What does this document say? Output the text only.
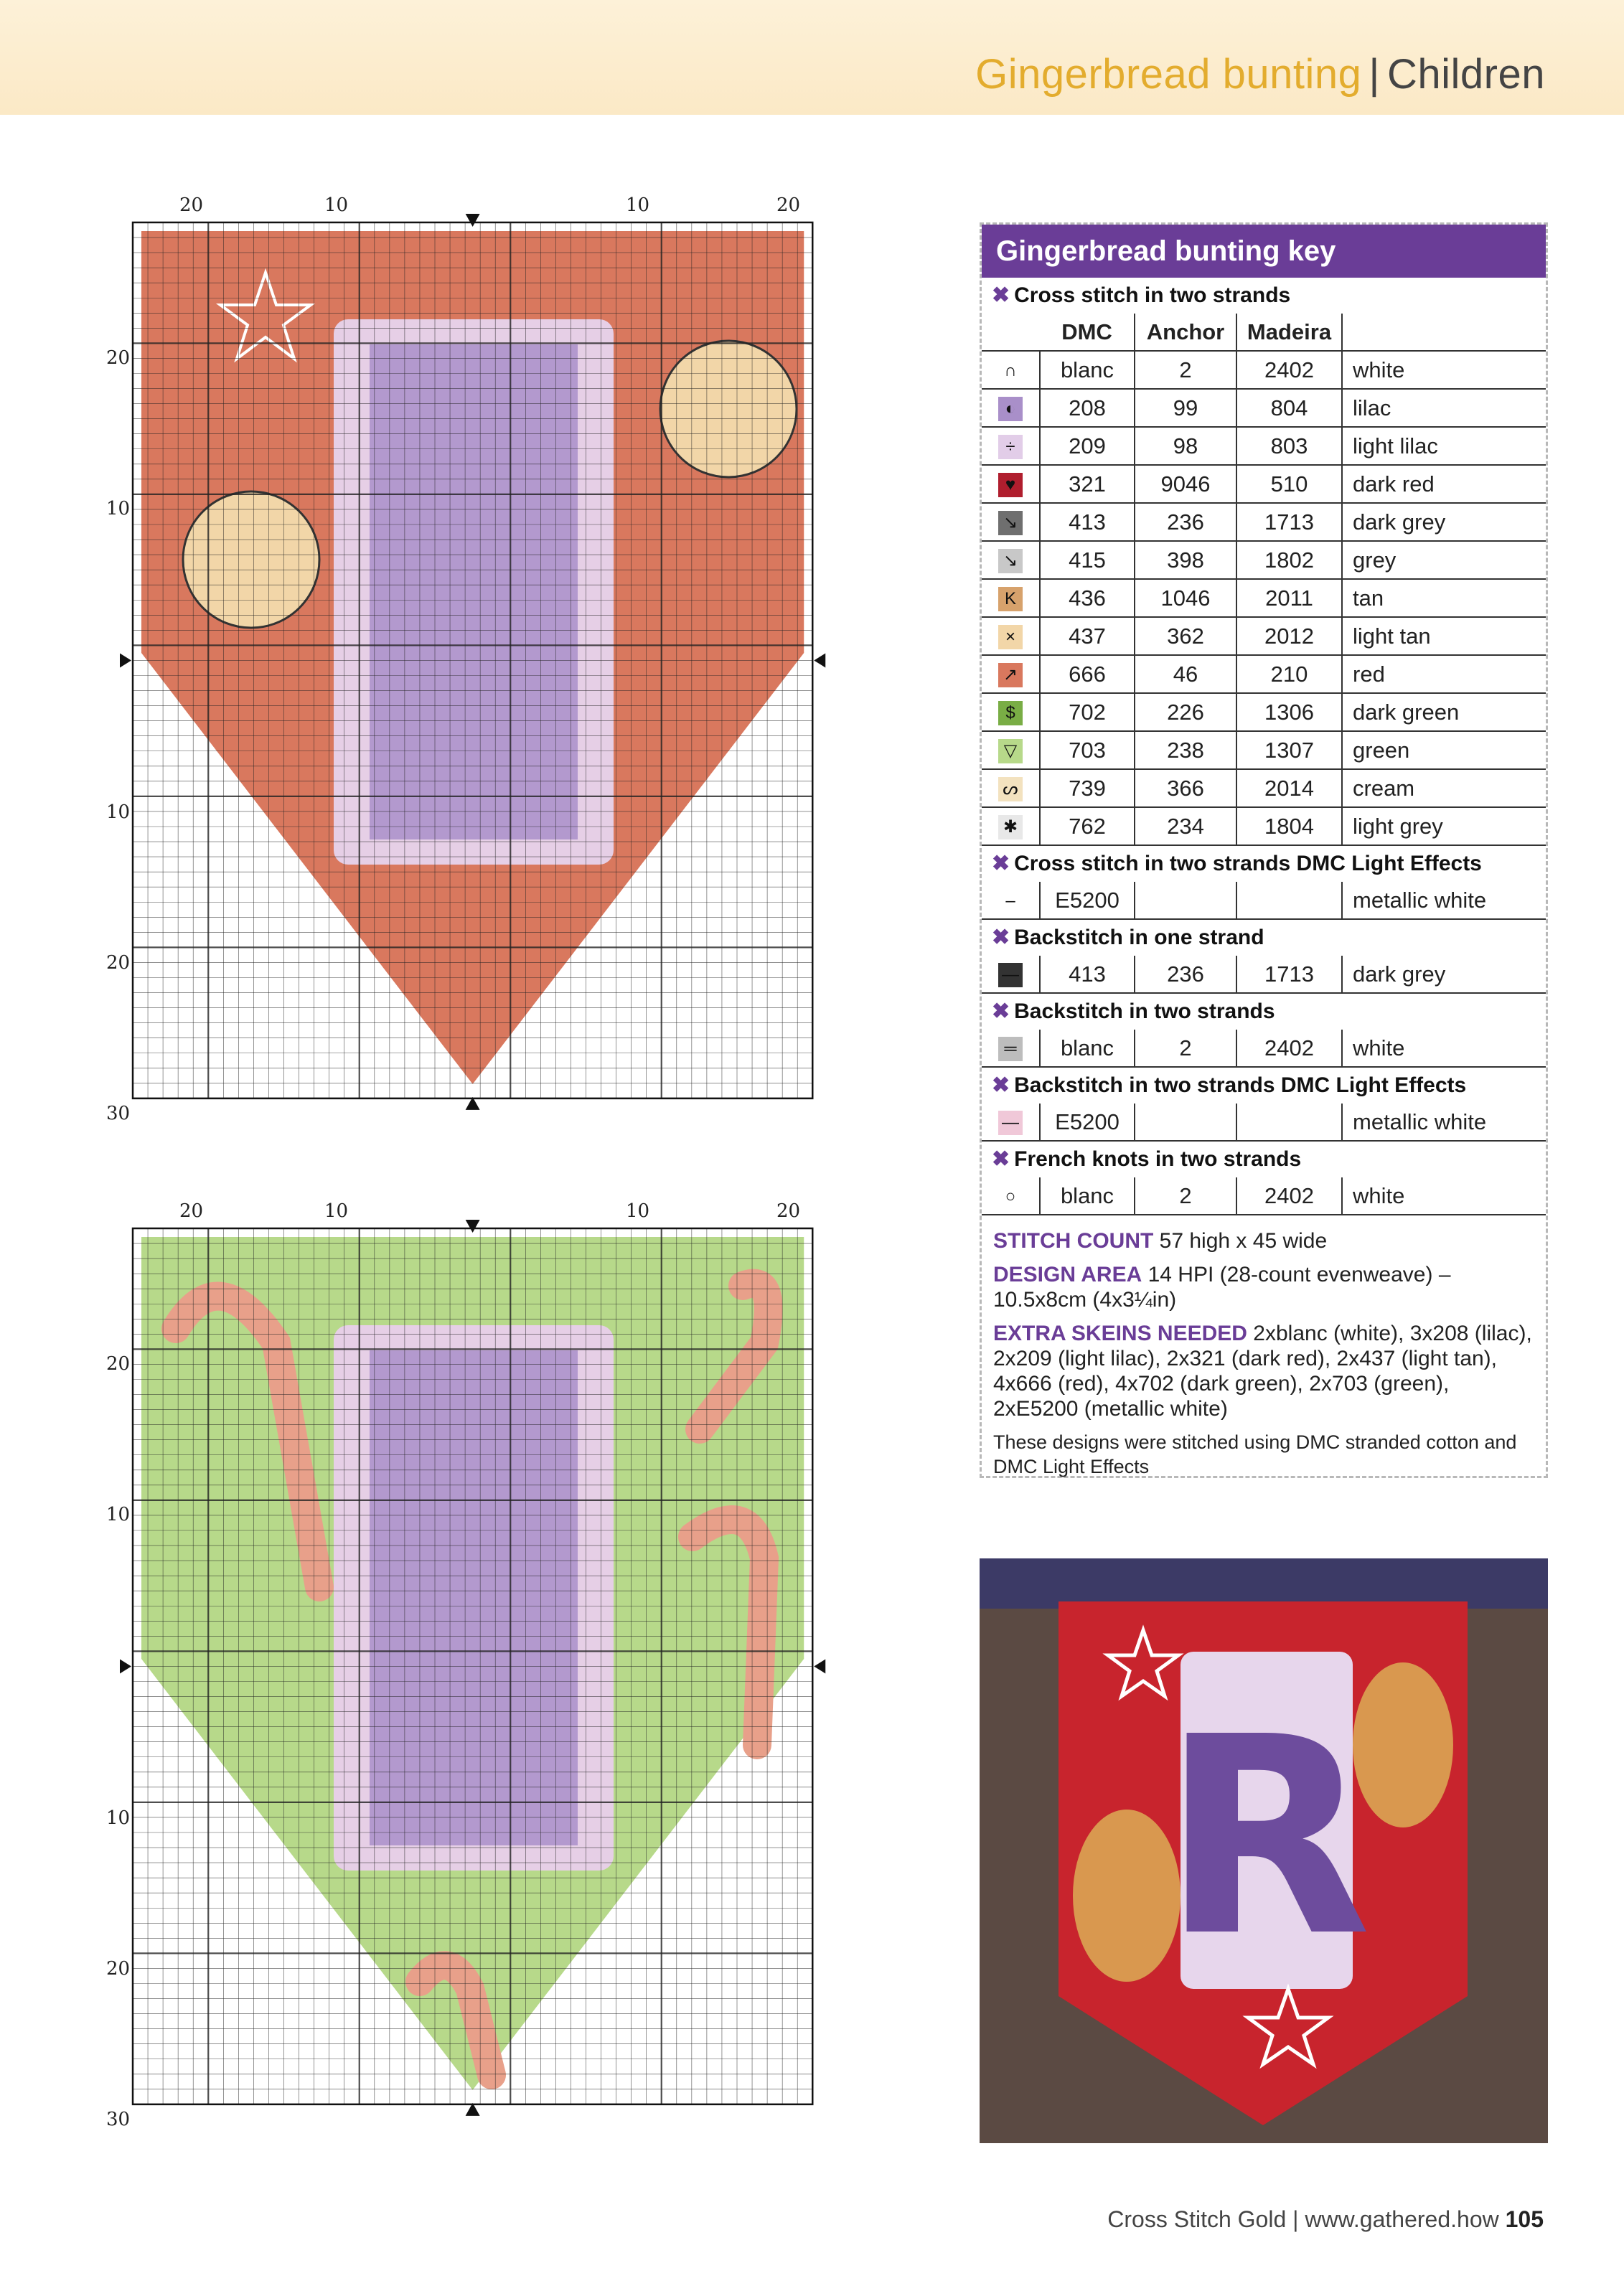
Gingerbread bunting | Children
20	10	10	20
20
10
10
20
30
20	10	10	20
20
10
10
20
30
Gingerbread bunting key
✖ Cross stitch in two strands
	DMC	Anchor	Madeira	
∩	blanc	2	2402	white
◐	208	99	804	lilac
÷	209	98	803	light lilac
♥	321	9046	510	dark red
↘	413	236	1713	dark grey
↘	415	398	1802	grey
K	436	1046	2011	tan
×	437	362	2012	light tan
↗	666	46	210	red
$	702	226	1306	dark green
▽	703	238	1307	green
ᔕ	739	366	2014	cream
✱	762	234	1804	light grey
✖ Cross stitch in two strands DMC Light Effects
–	E5200			metallic white
✖ Backstitch in one strand
—	413	236	1713	dark grey
✖ Backstitch in two strands
═	blanc	2	2402	white
✖ Backstitch in two strands DMC Light Effects
—	E5200			metallic white
✖ French knots in two strands
○	blanc	2	2402	white

STITCH COUNT 57 high x 45 wide

DESIGN AREA 14 HPI (28-count evenweave) – 10.5x8cm (4x3¼in)

EXTRA SKEINS NEEDED 2xblanc (white), 3x208 (lilac), 2x209 (light lilac), 2x321 (dark red), 2x437 (light tan), 4x666 (red), 4x702 (dark green), 2x703 (green), 2xE5200 (metallic white)

These designs were stitched using DMC stranded cotton and DMC Light Effects

R
Cross Stitch Gold | www.gathered.how 105
